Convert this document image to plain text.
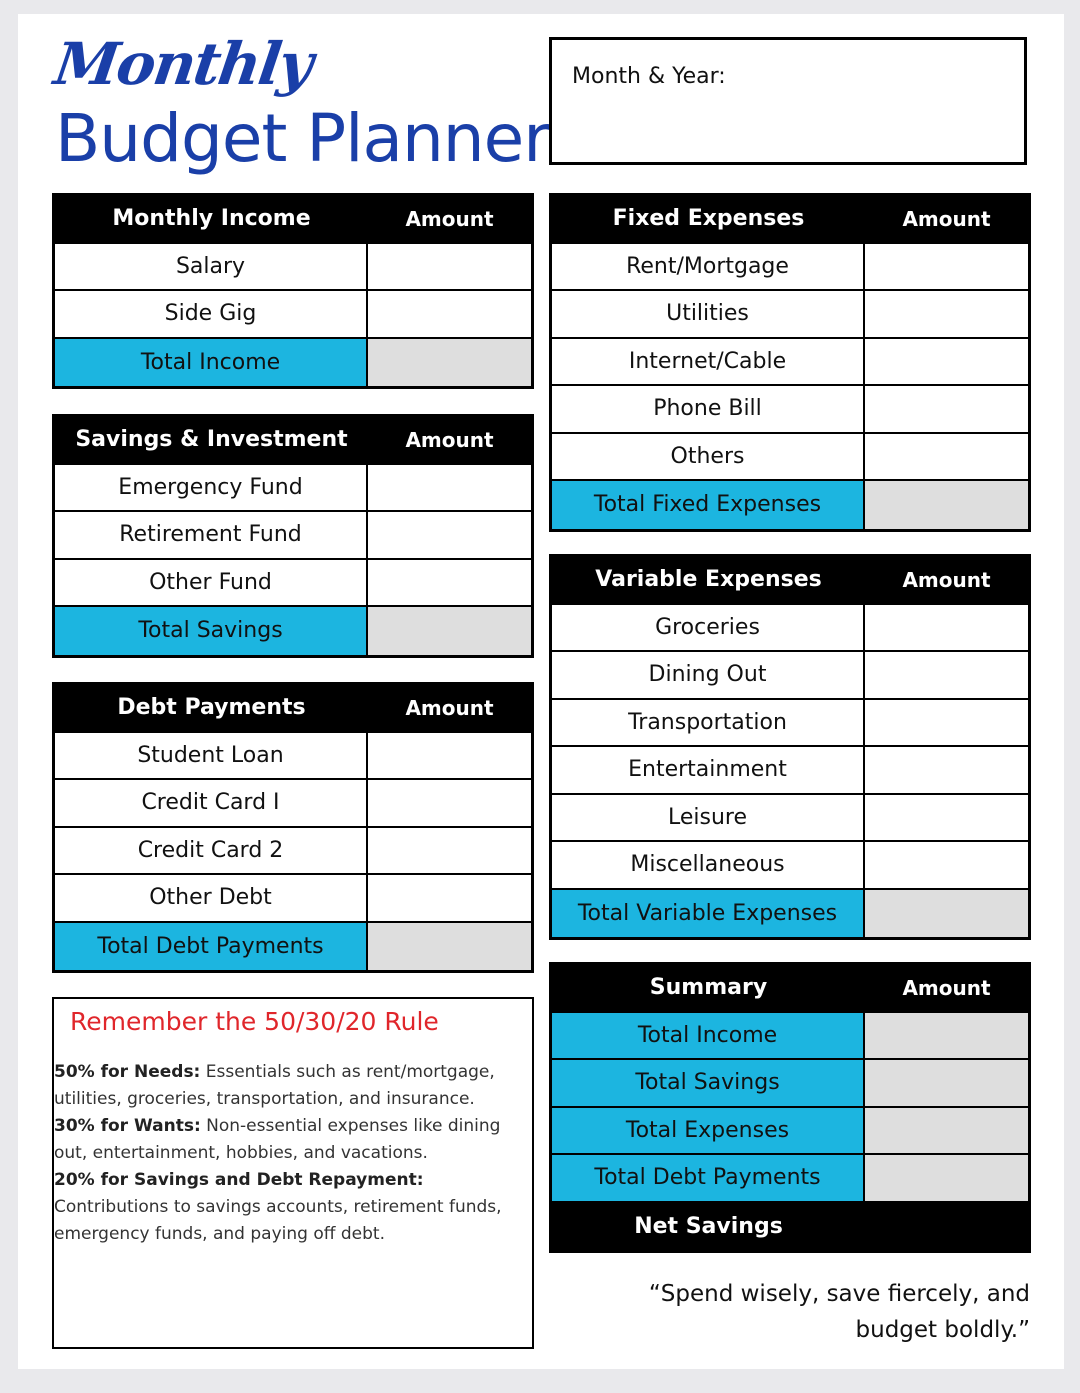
Monthly
Budget Planner
Month & Year:
Monthly Income	Amount
Salary
Side Gig
Total Income
Savings & Investment	Amount
Emergency Fund
Retirement Fund
Other Fund
Total Savings
Debt Payments	Amount
Student Loan
Credit Card I
Credit Card 2
Other Debt
Total Debt Payments
Fixed Expenses	Amount
Rent/Mortgage
Utilities
Internet/Cable
Phone Bill
Others
Total Fixed Expenses
Variable Expenses	Amount
Groceries
Dining Out
Transportation
Entertainment
Leisure
Miscellaneous
Total Variable Expenses
Summary	Amount
Total Income
Total Savings
Total Expenses
Total Debt Payments
Net Savings
Remember the 50/30/20 Rule
50% for Needs: Essentials such as rent/mortgage, utilities, groceries, transportation, and insurance.
30% for Wants: Non-essential expenses like dining out, entertainment, hobbies, and vacations.
20% for Savings and Debt Repayment: Contributions to savings accounts, retirement funds, emergency funds, and paying off debt.
“Spend wisely, save fiercely, and
budget boldly.”
